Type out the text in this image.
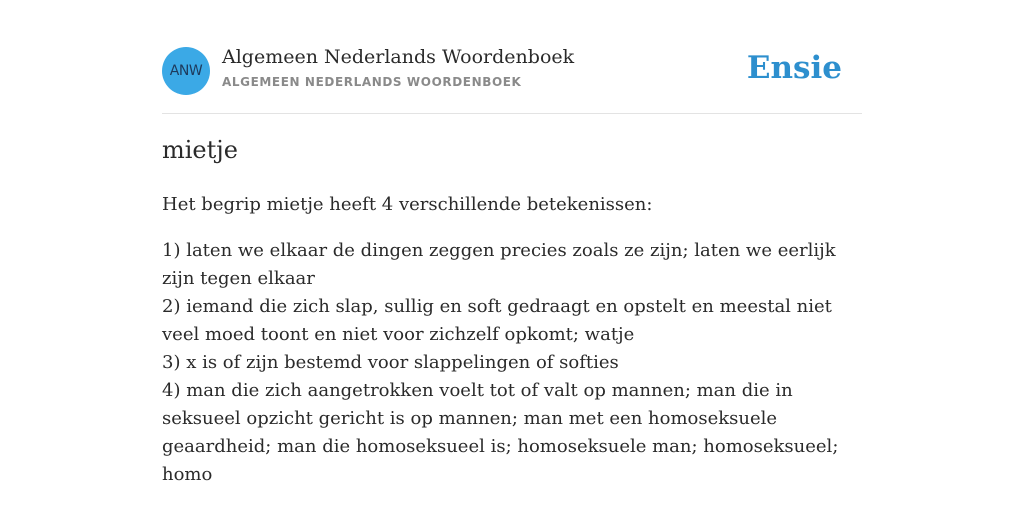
ANW
Algemeen Nederlands Woordenboek
ALGEMEEN NEDERLANDS WOORDENBOEK	Ensie
mietje
Het begrip mietje heeft 4 verschillende betekenissen:
1) laten we elkaar de dingen zeggen precies zoals ze zijn; laten we eerlijk zijn tegen elkaar
2) iemand die zich slap, sullig en soft gedraagt en opstelt en meestal niet veel moed toont en niet voor zichzelf opkomt; watje
3) x is of zijn bestemd voor slappelingen of softies
4) man die zich aangetrokken voelt tot of valt op mannen; man die in seksueel opzicht gericht is op mannen; man met een homoseksuele geaardheid; man die homoseksueel is; homoseksuele man; homoseksueel; homo
